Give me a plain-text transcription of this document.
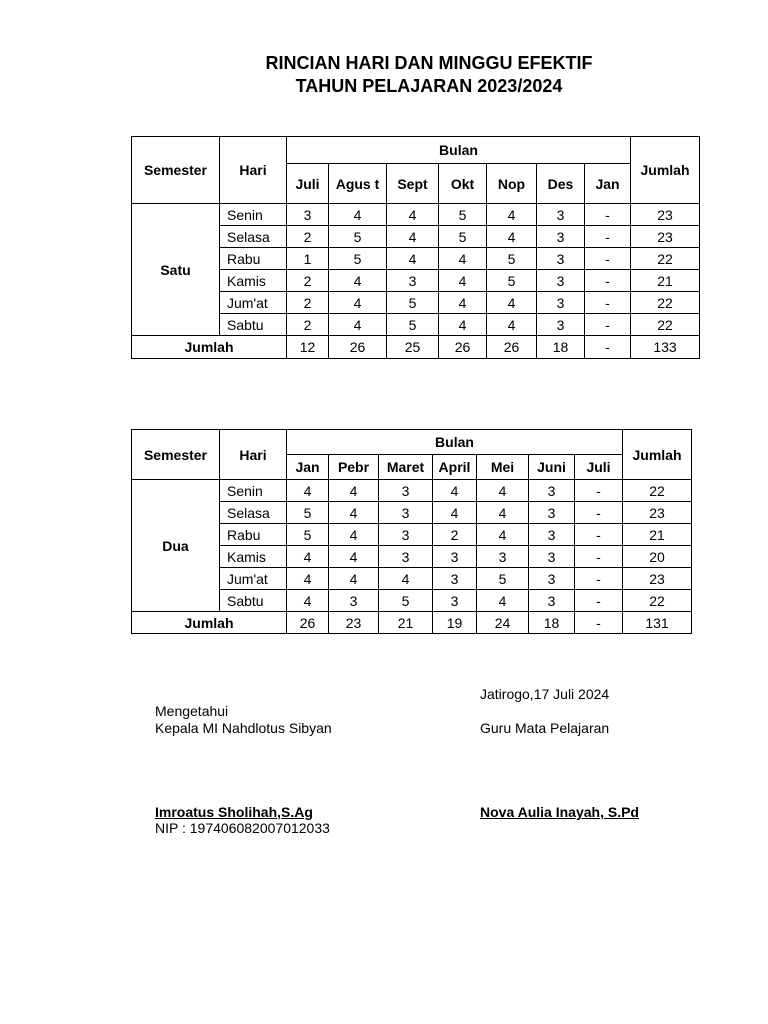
RINCIAN HARI DAN MINGGU EFEKTIF
TAHUN PELAJARAN 2023/2024
Semester	Hari	Bulan							Jumlah
		Juli	Agus t	Sept	Okt	Nop	Des	Jan	
Satu	Senin	3	4	4	5	4	3	-	23
	Selasa	2	5	4	5	4	3	-	23
	Rabu	1	5	4	4	5	3	-	22
	Kamis	2	4	3	4	5	3	-	21
	Jum'at	2	4	5	4	4	3	-	22
	Sabtu	2	4	5	4	4	3	-	22
Jumlah		12	26	25	26	26	18	-	133
Semester	Hari	Bulan							Jumlah
		Jan	Pebr	Maret	April	Mei	Juni	Juli	
Dua	Senin	4	4	3	4	4	3	-	22
	Selasa	5	4	3	4	4	3	-	23
	Rabu	5	4	3	2	4	3	-	21
	Kamis	4	4	3	3	3	3	-	20
	Jum'at	4	4	4	3	5	3	-	23
	Sabtu	4	3	5	3	4	3	-	22
Jumlah		26	23	21	19	24	18	-	131
Jatirogo,17 Juli 2024
Mengetahui
Kepala MI Nahdlotus Sibyan	Guru Mata Pelajaran
Imroatus Sholihah,S.Ag
NIP : 197406082007012033
Nova Aulia Inayah, S.Pd
